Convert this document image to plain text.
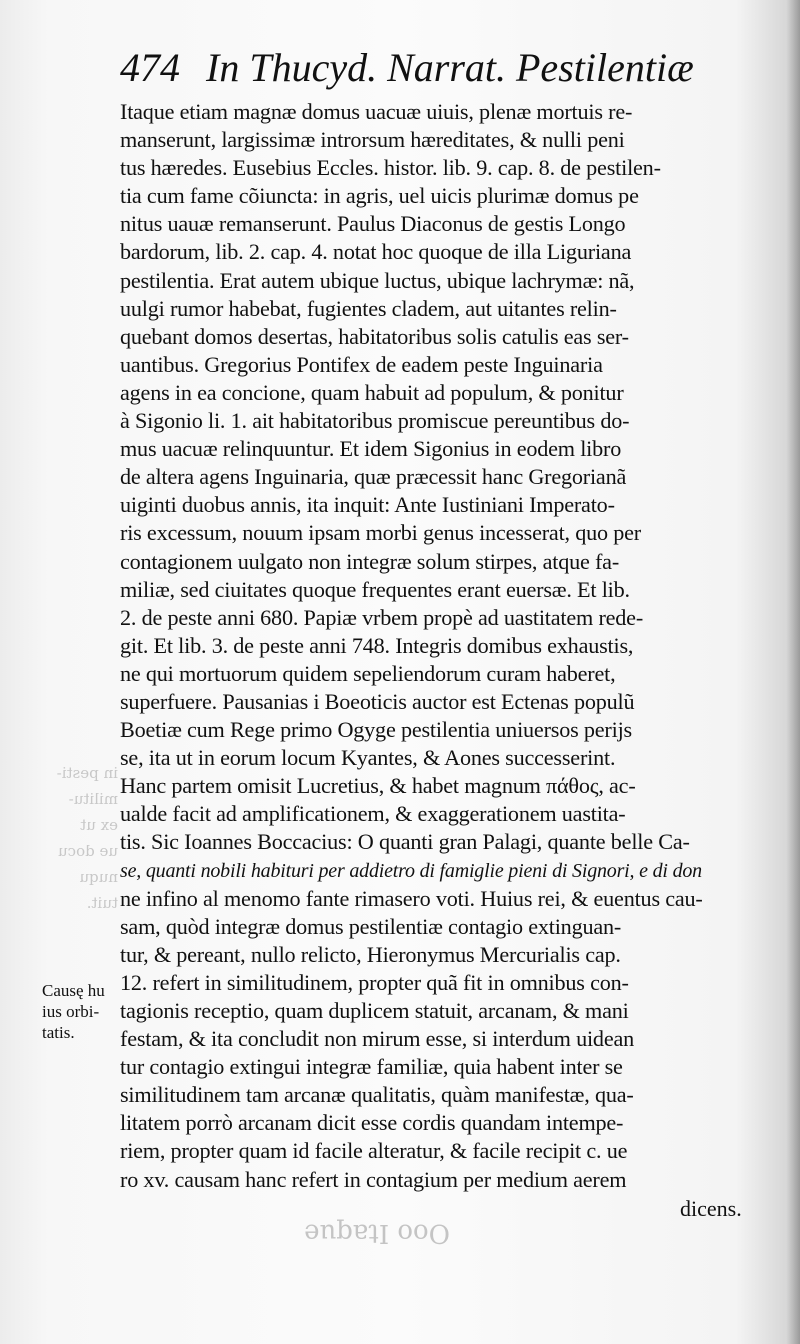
474 In Thucyd. Narrat. Pestilentiæ
in pesti-
militu-
ex ut
ue docu
nuqu
tuit.
Itaque etiam magnæ domus uacuæ uiuis, plenæ mortuis re-
manserunt, largissimæ introrsum hæreditates, & nulli peni
tus hæredes. Eusebius Eccles. histor. lib. 9. cap. 8. de pestilen-
tia cum fame cõiuncta: in agris, uel uicis plurimæ domus pe
nitus uauæ remanserunt. Paulus Diaconus de gestis Longo
bardorum, lib. 2. cap. 4. notat hoc quoque de illa Liguriana
pestilentia. Erat autem ubique luctus, ubique lachrymæ: nã,
uulgi rumor habebat, fugientes cladem, aut uitantes relin-
quebant domos desertas, habitatoribus solis catulis eas ser-
uantibus. Gregorius Pontifex de eadem peste Inguinaria
agens in ea concione, quam habuit ad populum, & ponitur
à Sigonio li. 1. ait habitatoribus promiscue pereuntibus do-
mus uacuæ relinquuntur. Et idem Sigonius in eodem libro
de altera agens Inguinaria, quæ præcessit hanc Gregorianã
uiginti duobus annis, ita inquit: Ante Iustiniani Imperato-
ris excessum, nouum ipsam morbi genus incesserat, quo per
contagionem uulgato non integræ solum stirpes, atque fa-
miliæ, sed ciuitates quoque frequentes erant euersæ. Et lib.
2. de peste anni 680. Papiæ vrbem propè ad uastitatem rede-
git. Et lib. 3. de peste anni 748. Integris domibus exhaustis,
ne qui mortuorum quidem sepeliendorum curam haberet,
superfuere. Pausanias i Boeoticis auctor est Ectenas populũ
Boetiæ cum Rege primo Ogyge pestilentia uniuersos perijs
se, ita ut in eorum locum Kyantes, & Aones successerint.
Hanc partem omisit Lucretius, & habet magnum πάθος, ac-
ualde facit ad amplificationem, & exaggerationem uastita-
tis. Sic Ioannes Boccacius: O quanti gran Palagi, quante belle Ca-
se, quanti nobili habituri per addietro di famiglie pieni di Signori, e di don
ne infino al menomo fante rimasero voti. Huius rei, & euentus cau-
sam, quòd integræ domus pestilentiæ contagio extinguan-
tur, & pereant, nullo relicto, Hieronymus Mercurialis cap.
12. refert in similitudinem, propter quã fit in omnibus con-
tagionis receptio, quam duplicem statuit, arcanam, & mani
festam, & ita concludit non mirum esse, si interdum uidean
tur contagio extingui integræ familiæ, quia habent inter se
similitudinem tam arcanæ qualitatis, quàm manifestæ, qua-
litatem porrò arcanam dicit esse cordis quandam intempe-
riem, propter quam id facile alteratur, & facile recipit c. ue
ro xv. causam hanc refert in contagium per medium aerem
Causę hu
ius orbi-
tatis.
dicens.
Ooo Itaque
